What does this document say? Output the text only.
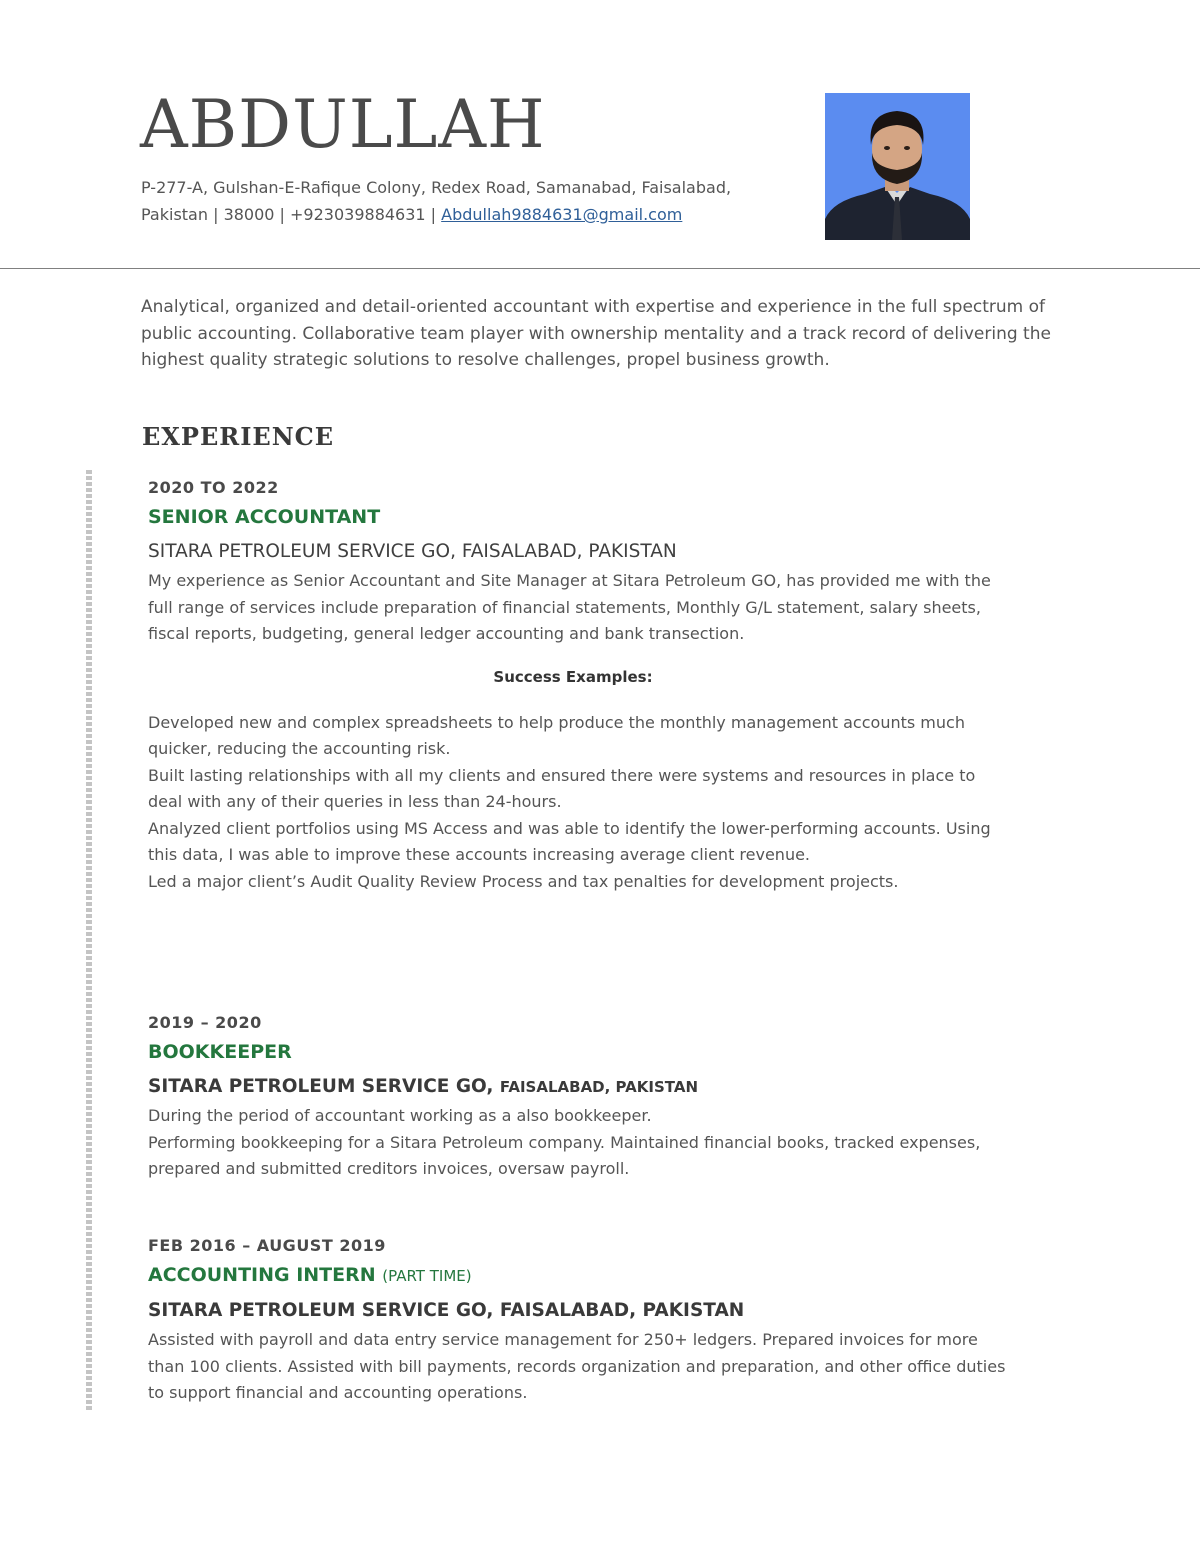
ABDULLAH
P-277-A, Gulshan-E-Rafique Colony, Redex Road, Samanabad, Faisalabad,
Pakistan | 38000 | +923039884631 | Abdullah9884631@gmail.com
Analytical, organized and detail-oriented accountant with expertise and experience in the full spectrum of public accounting. Collaborative team player with ownership mentality and a track record of delivering the highest quality strategic solutions to resolve challenges, propel business growth.
EXPERIENCE
2020 TO 2022
SENIOR ACCOUNTANT
SITARA PETROLEUM SERVICE GO, FAISALABAD, PAKISTAN
My experience as Senior Accountant and Site Manager at Sitara Petroleum GO, has provided me with the full range of services include preparation of financial statements, Monthly G/L statement, salary sheets, fiscal reports, budgeting, general ledger accounting and bank transection.
Success Examples:

Developed new and complex spreadsheets to help produce the monthly management accounts much quicker, reducing the accounting risk.

Built lasting relationships with all my clients and ensured there were systems and resources in place to deal with any of their queries in less than 24-hours.

Analyzed client portfolios using MS Access and was able to identify the lower-performing accounts. Using this data, I was able to improve these accounts increasing average client revenue.

Led a major client’s Audit Quality Review Process and tax penalties for development projects.

2019 – 2020
BOOKKEEPER
SITARA PETROLEUM SERVICE GO, FAISALABAD, PAKISTAN
During the period of accountant working as a also bookkeeper.
Performing bookkeeping for a Sitara Petroleum company. Maintained financial books, tracked expenses, prepared and submitted creditors invoices, oversaw payroll.
FEB 2016 – AUGUST 2019
ACCOUNTING INTERN (PART TIME)
SITARA PETROLEUM SERVICE GO, FAISALABAD, PAKISTAN
Assisted with payroll and data entry service management for 250+ ledgers. Prepared invoices for more than 100 clients. Assisted with bill payments, records organization and preparation, and other office duties to support financial and accounting operations.
